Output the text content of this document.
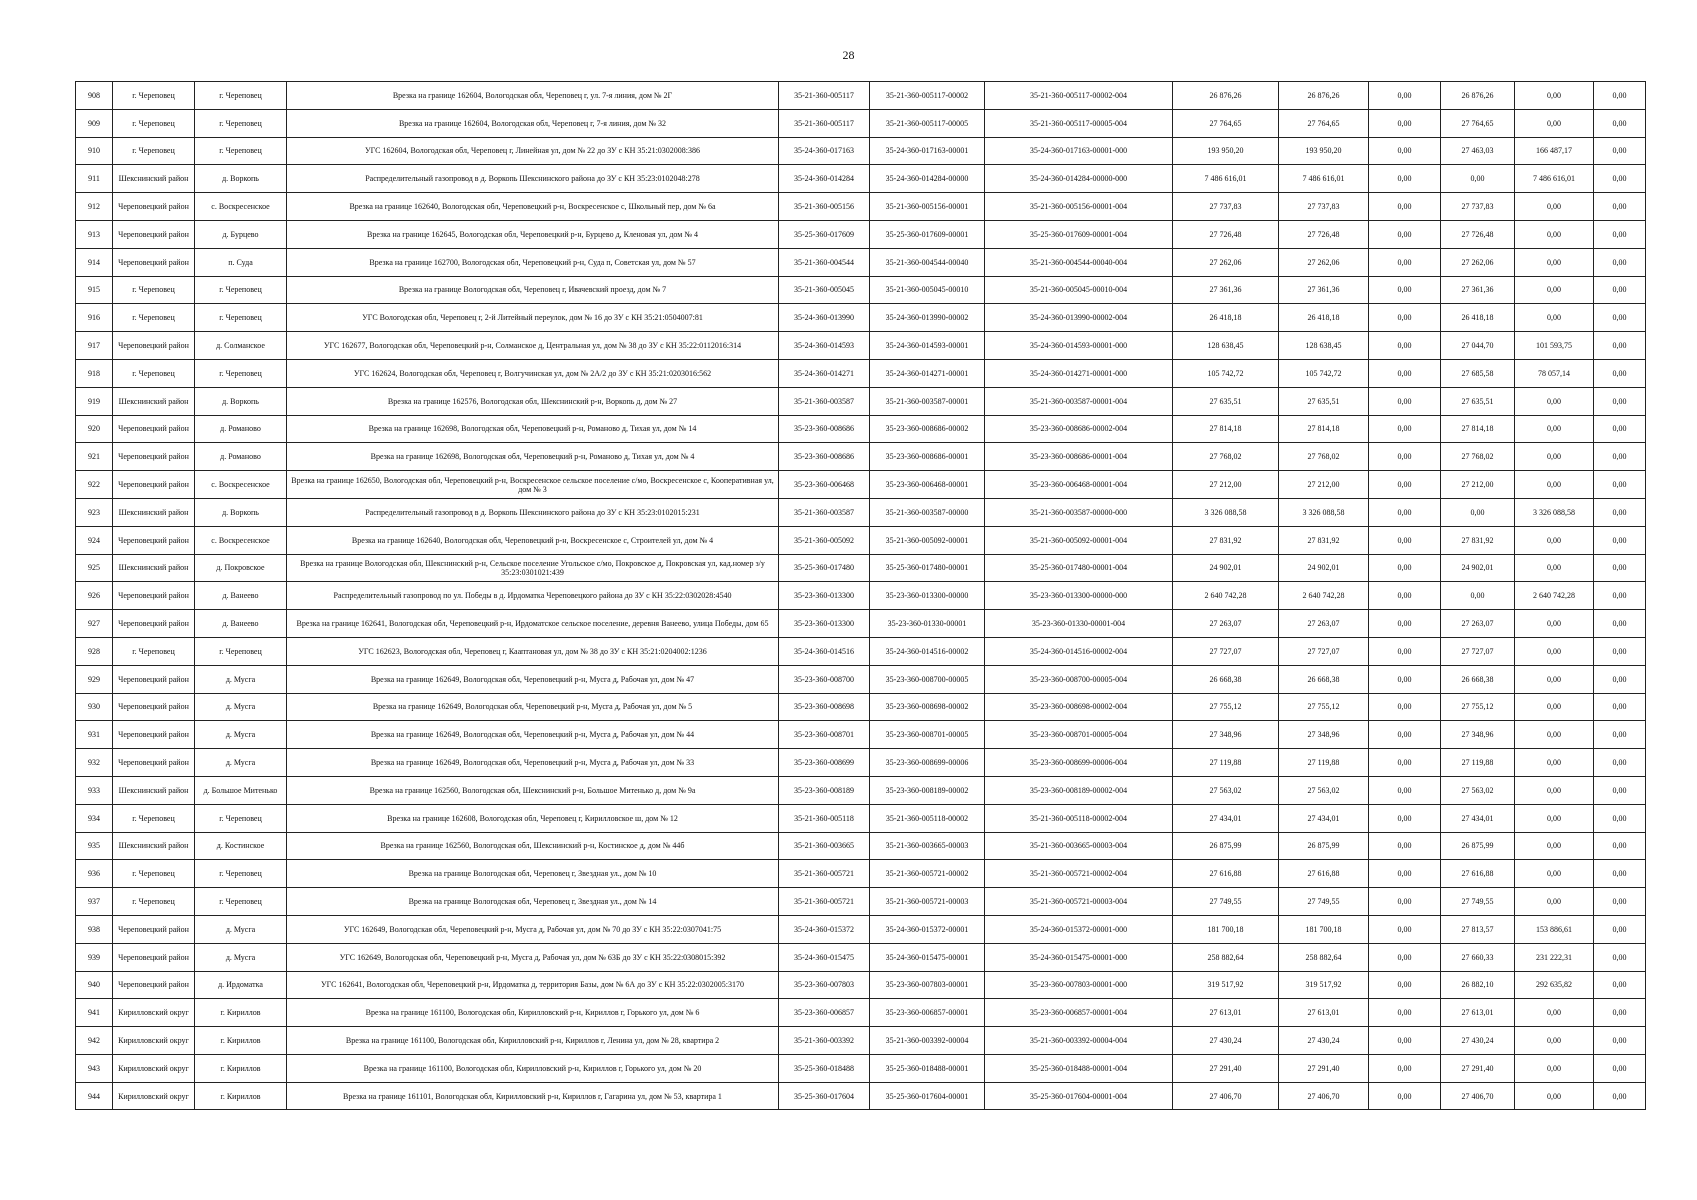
28
908	г. Череповец	г. Череповец	Врезка на границе 162604, Вологодская обл, Череповец г, ул. 7-я линия, дом № 2Г	35-21-360-005117	35-21-360-005117-00002	35-21-360-005117-00002-004	26 876,26	26 876,26	0,00	26 876,26	0,00	0,00
909	г. Череповец	г. Череповец	Врезка на границе 162604, Вологодская обл, Череповец г, 7-я линия, дом № 32	35-21-360-005117	35-21-360-005117-00005	35-21-360-005117-00005-004	27 764,65	27 764,65	0,00	27 764,65	0,00	0,00
910	г. Череповец	г. Череповец	УГС 162604, Вологодская обл, Череповец г, Линейная ул, дом № 22 до ЗУ с КН 35:21:0302008:386	35-24-360-017163	35-24-360-017163-00001	35-24-360-017163-00001-000	193 950,20	193 950,20	0,00	27 463,03	166 487,17	0,00
911	Шекснинский район	д. Воркопь	Распределительный газопровод в д. Воркопь Шекснинского района до ЗУ с КН 35:23:0102048:278	35-24-360-014284	35-24-360-014284-00000	35-24-360-014284-00000-000	7 486 616,01	7 486 616,01	0,00	0,00	7 486 616,01	0,00
912	Череповецкий район	с. Воскресенское	Врезка на границе 162640, Вологодская обл, Череповецкий р-н, Воскресенское с, Школьный пер, дом № 6а	35-21-360-005156	35-21-360-005156-00001	35-21-360-005156-00001-004	27 737,83	27 737,83	0,00	27 737,83	0,00	0,00
913	Череповецкий район	д. Бурцево	Врезка на границе 162645, Вологодская обл, Череповецкий р-н, Бурцево д, Кленовая ул, дом № 4	35-25-360-017609	35-25-360-017609-00001	35-25-360-017609-00001-004	27 726,48	27 726,48	0,00	27 726,48	0,00	0,00
914	Череповецкий район	п. Суда	Врезка на границе 162700, Вологодская обл, Череповецкий р-н, Суда п, Советская ул, дом № 57	35-21-360-004544	35-21-360-004544-00040	35-21-360-004544-00040-004	27 262,06	27 262,06	0,00	27 262,06	0,00	0,00
915	г. Череповец	г. Череповец	Врезка на границе Вологодская обл, Череповец г, Ивачевский проезд, дом № 7	35-21-360-005045	35-21-360-005045-00010	35-21-360-005045-00010-004	27 361,36	27 361,36	0,00	27 361,36	0,00	0,00
916	г. Череповец	г. Череповец	УГС Вологодская обл, Череповец г, 2-й Литейный переулок, дом № 16 до ЗУ с КН 35:21:0504007:81	35-24-360-013990	35-24-360-013990-00002	35-24-360-013990-00002-004	26 418,18	26 418,18	0,00	26 418,18	0,00	0,00
917	Череповецкий район	д. Солманское	УГС 162677, Вологодская обл, Череповецкий р-н, Солманское д, Центральная ул, дом № 38 до ЗУ с КН 35:22:0112016:314	35-24-360-014593	35-24-360-014593-00001	35-24-360-014593-00001-000	128 638,45	128 638,45	0,00	27 044,70	101 593,75	0,00
918	г. Череповец	г. Череповец	УГС 162624, Вологодская обл, Череповец г, Волгучинская ул, дом № 2А/2 до ЗУ с КН 35:21:0203016:562	35-24-360-014271	35-24-360-014271-00001	35-24-360-014271-00001-000	105 742,72	105 742,72	0,00	27 685,58	78 057,14	0,00
919	Шекснинский район	д. Воркопь	Врезка на границе 162576, Вологодская обл, Шекснинский р-н, Воркопь д, дом № 27	35-21-360-003587	35-21-360-003587-00001	35-21-360-003587-00001-004	27 635,51	27 635,51	0,00	27 635,51	0,00	0,00
920	Череповецкий район	д. Романово	Врезка на границе 162698, Вологодская обл, Череповецкий р-н, Романово д, Тихая ул, дом № 14	35-23-360-008686	35-23-360-008686-00002	35-23-360-008686-00002-004	27 814,18	27 814,18	0,00	27 814,18	0,00	0,00
921	Череповецкий район	д. Романово	Врезка на границе 162698, Вологодская обл, Череповецкий р-н, Романово д, Тихая ул, дом № 4	35-23-360-008686	35-23-360-008686-00001	35-23-360-008686-00001-004	27 768,02	27 768,02	0,00	27 768,02	0,00	0,00
922	Череповецкий район	с. Воскресенское	Врезка на границе 162650, Вологодская обл, Череповецкий р-н, Воскресенское сельское поселение с/мо, Воскресенское с, Кооперативная ул, дом № 3	35-23-360-006468	35-23-360-006468-00001	35-23-360-006468-00001-004	27 212,00	27 212,00	0,00	27 212,00	0,00	0,00
923	Шекснинский район	д. Воркопь	Распределительный газопровод в д. Воркопь Шекснинского района до ЗУ с КН 35:23:0102015:231	35-21-360-003587	35-21-360-003587-00000	35-21-360-003587-00000-000	3 326 088,58	3 326 088,58	0,00	0,00	3 326 088,58	0,00
924	Череповецкий район	с. Воскресенское	Врезка на границе 162640, Вологодская обл, Череповецкий р-н, Воскресенское с, Строителей ул, дом № 4	35-21-360-005092	35-21-360-005092-00001	35-21-360-005092-00001-004	27 831,92	27 831,92	0,00	27 831,92	0,00	0,00
925	Шекснинский район	д. Покровское	Врезка на границе Вологодская обл, Шекснинский р-н, Сельское поселение Угольское с/мо, Покровское д, Покровская ул, кад.номер з/у 35:23:0301021:439	35-25-360-017480	35-25-360-017480-00001	35-25-360-017480-00001-004	24 902,01	24 902,01	0,00	24 902,01	0,00	0,00
926	Череповецкий район	д. Ванеево	Распределительный газопровод по ул. Победы в д. Ирдоматка Череповецкого района до ЗУ с КН 35:22:0302028:4540	35-23-360-013300	35-23-360-013300-00000	35-23-360-013300-00000-000	2 640 742,28	2 640 742,28	0,00	0,00	2 640 742,28	0,00
927	Череповецкий район	д. Ванеево	Врезка на границе 162641, Вологодская обл, Череповецкий р-н, Ирдоматское сельское поселение, деревня Ванеево, улица Победы, дом 65	35-23-360-013300	35-23-360-01330-00001	35-23-360-01330-00001-004	27 263,07	27 263,07	0,00	27 263,07	0,00	0,00
928	г. Череповец	г. Череповец	УГС 162623, Вологодская обл, Череповец г, Кааптановая ул, дом № 38 до ЗУ с КН 35:21:0204002:1236	35-24-360-014516	35-24-360-014516-00002	35-24-360-014516-00002-004	27 727,07	27 727,07	0,00	27 727,07	0,00	0,00
929	Череповецкий район	д. Мусга	Врезка на границе 162649, Вологодская обл, Череповецкий р-н, Мусга д, Рабочая ул, дом № 47	35-23-360-008700	35-23-360-008700-00005	35-23-360-008700-00005-004	26 668,38	26 668,38	0,00	26 668,38	0,00	0,00
930	Череповецкий район	д. Мусга	Врезка на границе 162649, Вологодская обл, Череповецкий р-н, Мусга д, Рабочая ул, дом № 5	35-23-360-008698	35-23-360-008698-00002	35-23-360-008698-00002-004	27 755,12	27 755,12	0,00	27 755,12	0,00	0,00
931	Череповецкий район	д. Мусга	Врезка на границе 162649, Вологодская обл, Череповецкий р-н, Мусга д, Рабочая ул, дом № 44	35-23-360-008701	35-23-360-008701-00005	35-23-360-008701-00005-004	27 348,96	27 348,96	0,00	27 348,96	0,00	0,00
932	Череповецкий район	д. Мусга	Врезка на границе 162649, Вологодская обл, Череповецкий р-н, Мусга д, Рабочая ул, дом № 33	35-23-360-008699	35-23-360-008699-00006	35-23-360-008699-00006-004	27 119,88	27 119,88	0,00	27 119,88	0,00	0,00
933	Шекснинский район	д. Большое Митенько	Врезка на границе 162560, Вологодская обл, Шекснинский р-н, Большое Митенько д, дом № 9а	35-23-360-008189	35-23-360-008189-00002	35-23-360-008189-00002-004	27 563,02	27 563,02	0,00	27 563,02	0,00	0,00
934	г. Череповец	г. Череповец	Врезка на границе 162608, Вологодская обл, Череповец г, Кирилловское ш, дом № 12	35-21-360-005118	35-21-360-005118-00002	35-21-360-005118-00002-004	27 434,01	27 434,01	0,00	27 434,01	0,00	0,00
935	Шекснинский район	д. Костинское	Врезка на границе 162560, Вологодская обл, Шекснинский р-н, Костинское д, дом № 44б	35-21-360-003665	35-21-360-003665-00003	35-21-360-003665-00003-004	26 875,99	26 875,99	0,00	26 875,99	0,00	0,00
936	г. Череповец	г. Череповец	Врезка на границе Вологодская обл, Череповец г, Звездная ул., дом № 10	35-21-360-005721	35-21-360-005721-00002	35-21-360-005721-00002-004	27 616,88	27 616,88	0,00	27 616,88	0,00	0,00
937	г. Череповец	г. Череповец	Врезка на границе Вологодская обл, Череповец г, Звездная ул., дом № 14	35-21-360-005721	35-21-360-005721-00003	35-21-360-005721-00003-004	27 749,55	27 749,55	0,00	27 749,55	0,00	0,00
938	Череповецкий район	д. Мусга	УГС 162649, Вологодская обл, Череповецкий р-н, Мусга д, Рабочая ул, дом № 70 до ЗУ с КН 35:22:0307041:75	35-24-360-015372	35-24-360-015372-00001	35-24-360-015372-00001-000	181 700,18	181 700,18	0,00	27 813,57	153 886,61	0,00
939	Череповецкий район	д. Мусга	УГС 162649, Вологодская обл, Череповецкий р-н, Мусга д, Рабочая ул, дом № 63Б до ЗУ с КН 35:22:0308015:392	35-24-360-015475	35-24-360-015475-00001	35-24-360-015475-00001-000	258 882,64	258 882,64	0,00	27 660,33	231 222,31	0,00
940	Череповецкий район	д. Ирдоматка	УГС 162641, Вологодская обл, Череповецкий р-н, Ирдоматка д, территория Базы, дом № 6А до ЗУ с КН 35:22:0302005:3170	35-23-360-007803	35-23-360-007803-00001	35-23-360-007803-00001-000	319 517,92	319 517,92	0,00	26 882,10	292 635,82	0,00
941	Кирилловский округ	г. Кириллов	Врезка на границе 161100, Вологодская обл, Кирилловский р-н, Кириллов г, Горького ул, дом № 6	35-23-360-006857	35-23-360-006857-00001	35-23-360-006857-00001-004	27 613,01	27 613,01	0,00	27 613,01	0,00	0,00
942	Кирилловский округ	г. Кириллов	Врезка на границе 161100, Вологодская обл, Кирилловский р-н, Кириллов г, Ленина ул, дом № 28, квартира 2	35-21-360-003392	35-21-360-003392-00004	35-21-360-003392-00004-004	27 430,24	27 430,24	0,00	27 430,24	0,00	0,00
943	Кирилловский округ	г. Кириллов	Врезка на границе 161100, Вологодская обл, Кирилловский р-н, Кириллов г, Горького ул, дом № 20	35-25-360-018488	35-25-360-018488-00001	35-25-360-018488-00001-004	27 291,40	27 291,40	0,00	27 291,40	0,00	0,00
944	Кирилловский округ	г. Кириллов	Врезка на границе 161101, Вологодская обл, Кирилловский р-н, Кириллов г, Гагарина ул, дом № 53, квартира 1	35-25-360-017604	35-25-360-017604-00001	35-25-360-017604-00001-004	27 406,70	27 406,70	0,00	27 406,70	0,00	0,00
